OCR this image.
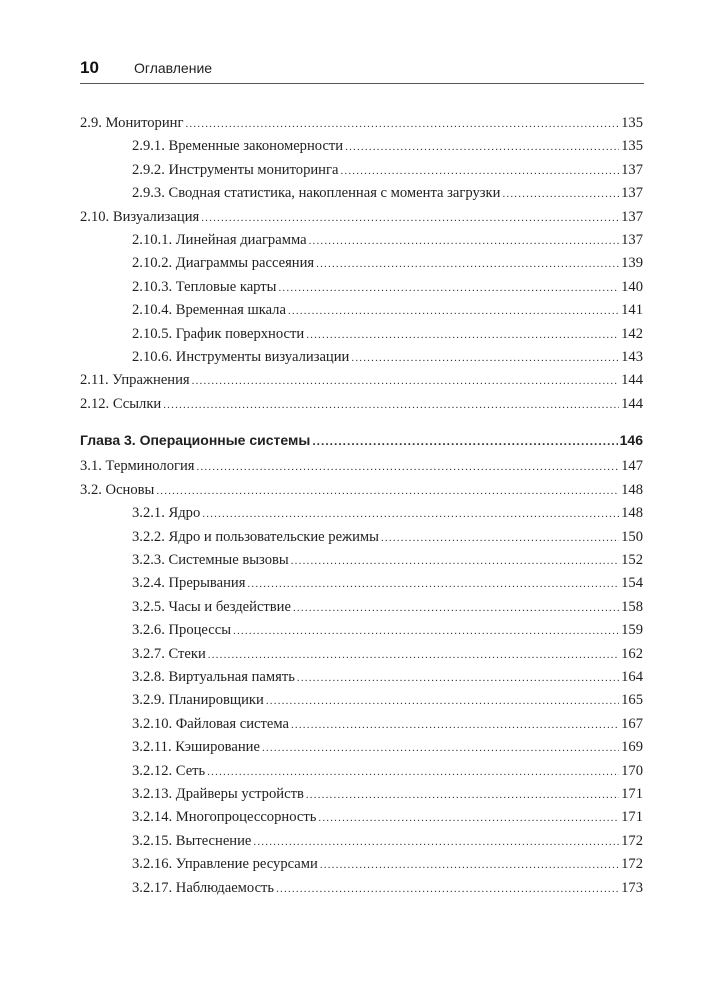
10	Оглавление
2.9. Мониторинг .....	135
2.9.1. Временные закономерности .....	135
2.9.2. Инструменты мониторинга .....	137
2.9.3. Сводная статистика, накопленная с момента загрузки .....	137
2.10. Визуализация .....	137
2.10.1. Линейная диаграмма .....	137
2.10.2. Диаграммы рассеяния .....	139
2.10.3. Тепловые карты .....	140
2.10.4. Временная шкала .....	141
2.10.5. График поверхности .....	142
2.10.6. Инструменты визуализации .....	143
2.11. Упражнения .....	144
2.12. Ссылки .....	144
Глава 3. Операционные системы .....	146
3.1. Терминология .....	147
3.2. Основы .....	148
3.2.1. Ядро .....	148
3.2.2. Ядро и пользовательские режимы .....	150
3.2.3. Системные вызовы .....	152
3.2.4. Прерывания .....	154
3.2.5. Часы и бездействие .....	158
3.2.6. Процессы .....	159
3.2.7. Стеки .....	162
3.2.8. Виртуальная память .....	164
3.2.9. Планировщики .....	165
3.2.10. Файловая система .....	167
3.2.11. Кэширование .....	169
3.2.12. Сеть .....	170
3.2.13. Драйверы устройств .....	171
3.2.14. Многопроцессорность .....	171
3.2.15. Вытеснение .....	172
3.2.16. Управление ресурсами .....	172
3.2.17. Наблюдаемость .....	173
